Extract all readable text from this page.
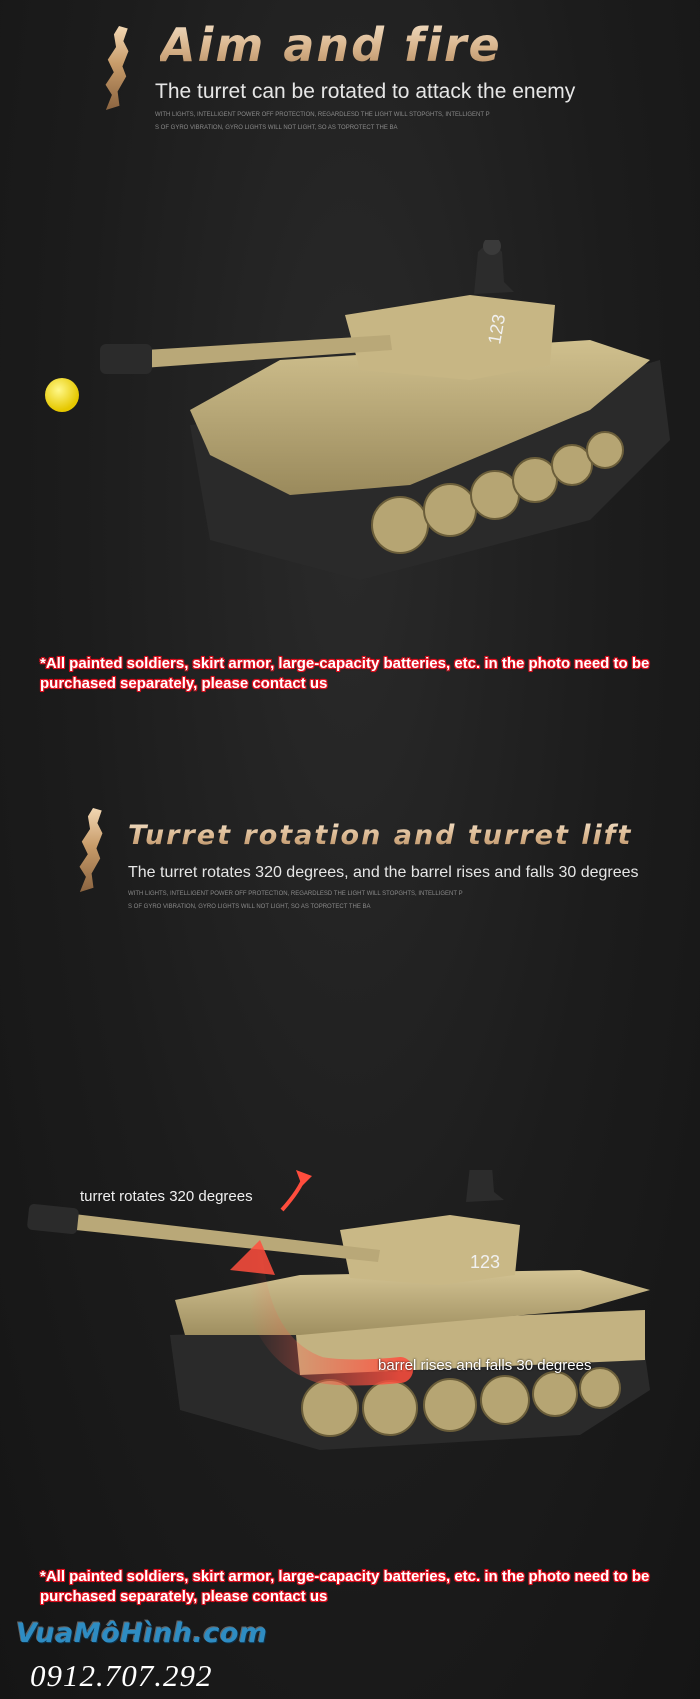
Aim and fire
The turret can be rotated to attack the enemy
WITH LIGHTS, INTELLIGENT POWER OFF PROTECTION, REGARDLESD THE LIGHT WILL STOPGHTS, INTELLIGENT P
S OF GYRO VIBRATION, GYRO LIGHTS WILL NOT LIGHT, SO AS TOPROTECT THE BA
123
*All painted soldiers, skirt armor, large-capacity batteries, etc. in the photo need to be purchased separately, please contact us
Turret rotation and turret lift
The turret rotates 320 degrees, and the barrel rises and falls 30 degrees
WITH LIGHTS, INTELLIGENT POWER OFF PROTECTION, REGARDLESD THE LIGHT WILL STOPGHTS, INTELLIGENT P
S OF GYRO VIBRATION, GYRO LIGHTS WILL NOT LIGHT, SO AS TOPROTECT THE BA
123
turret rotates 320 degrees
barrel rises and falls 30 degrees
*All painted soldiers, skirt armor, large-capacity batteries, etc. in the photo need to be purchased separately, please contact us
VuaMôHình.com
0912.707.292
